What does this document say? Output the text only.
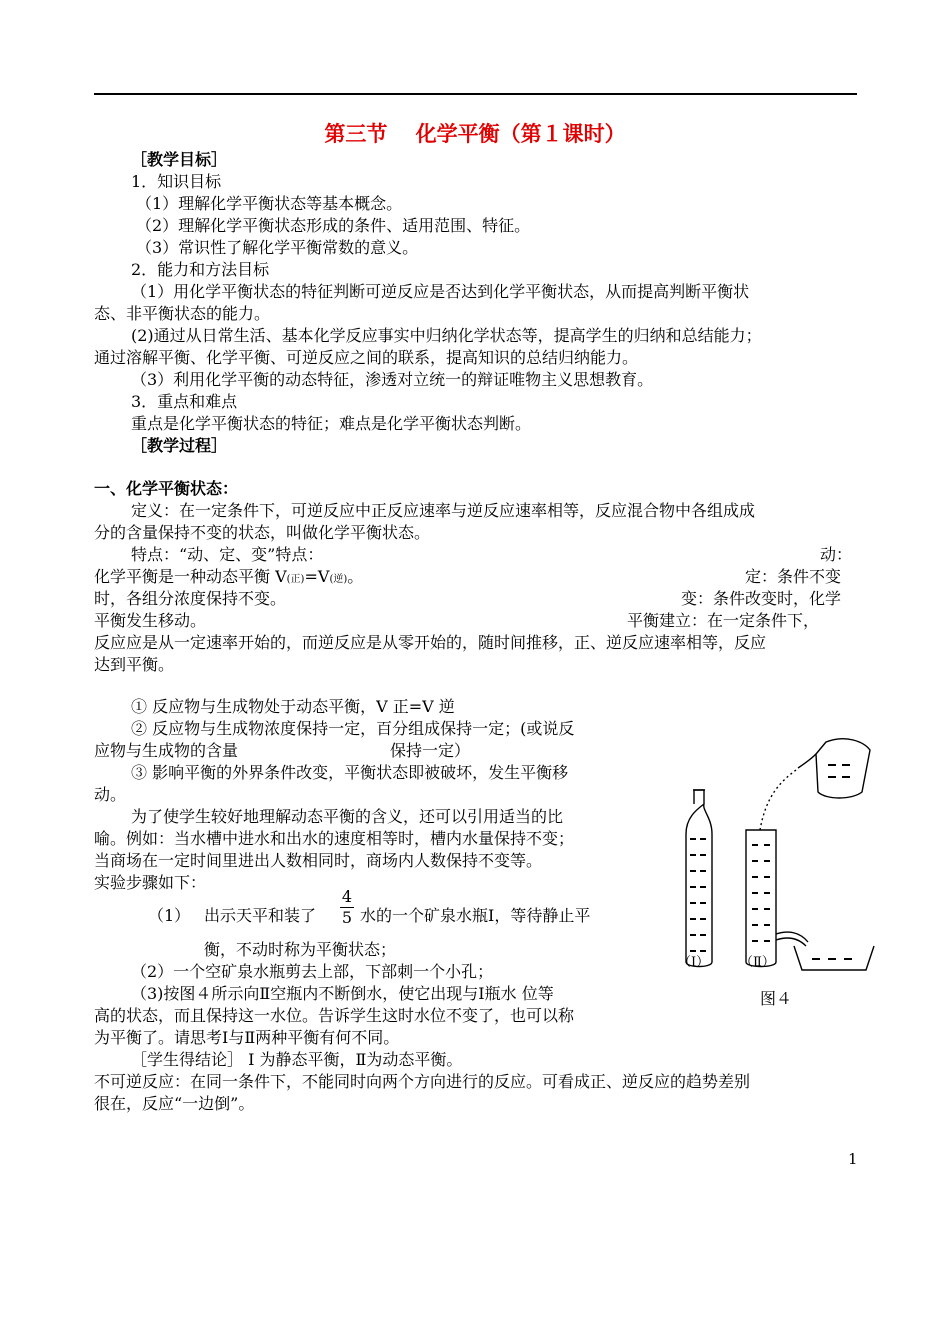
第三节　 化学平衡（第１课时）
［教学目标］
1．知识目标
（1）理解化学平衡状态等基本概念。
（2）理解化学平衡状态形成的条件、适用范围、特征。
（3）常识性了解化学平衡常数的意义。
2．能力和方法目标
（1）用化学平衡状态的特征判断可逆反应是否达到化学平衡状态，从而提高判断平衡状
态、非平衡状态的能力。
(2)通过从日常生活、基本化学反应事实中归纳化学状态等，提高学生的归纳和总结能力；
通过溶解平衡、化学平衡、可逆反应之间的联系，提高知识的总结归纳能力。
（3）利用化学平衡的动态特征，渗透对立统一的辩证唯物主义思想教育。
3．重点和难点
重点是化学平衡状态的特征；难点是化学平衡状态判断。
［教学过程］
一、化学平衡状态：
定义：在一定条件下，可逆反应中正反应速率与逆反应速率相等，反应混合物中各组成成
分的含量保持不变的状态，叫做化学平衡状态。
特点：“动、定、变”特点：	动：
化学平衡是一种动态平衡 V(正)=V(逆)。	定：条件不变
时，各组分浓度保持不变。	变：条件改变时，化学
平衡发生移动。	平衡建立：在一定条件下，
反应应是从一定速率开始的，而逆反应是从零开始的，随时间推移，正、逆反应速率相等，反应
达到平衡。
① 反应物与生成物处于动态平衡，V 正=V 逆
② 反应物与生成物浓度保持一定，百分组成保持一定；(或说反
应物与生成物的含量	保持一定）
③ 影响平衡的外界条件改变，平衡状态即被破坏，发生平衡移
动。
为了使学生较好地理解动态平衡的含义，还可以引用适当的比
喻。例如：当水槽中进水和出水的速度相等时，槽内水量保持不变；
当商场在一定时间里进出人数相同时，商场内人数保持不变等。
实验步骤如下：
（1） 出示天平和装了
4
5 水的一个矿泉水瓶Ⅰ，等待静止平
衡，不动时称为平衡状态；
（2）一个空矿泉水瓶剪去上部，下部刺一个小孔；
（3)按图４所示向Ⅱ空瓶内不断倒水，使它出现与Ⅰ瓶水 位等
高的状态，而且保持这一水位。告诉学生这时水位不变了，也可以称
为平衡了。请思考Ⅰ与Ⅱ两种平衡有何不同。
［学生得结论］ Ⅰ 为静态平衡，Ⅱ为动态平衡。
不可逆反应：在同一条件下，不能同时向两个方向进行的反应。可看成正、逆反应的趋势差别
很在，反应“一边倒”。
（Ⅰ） （Ⅱ）
图４
1
